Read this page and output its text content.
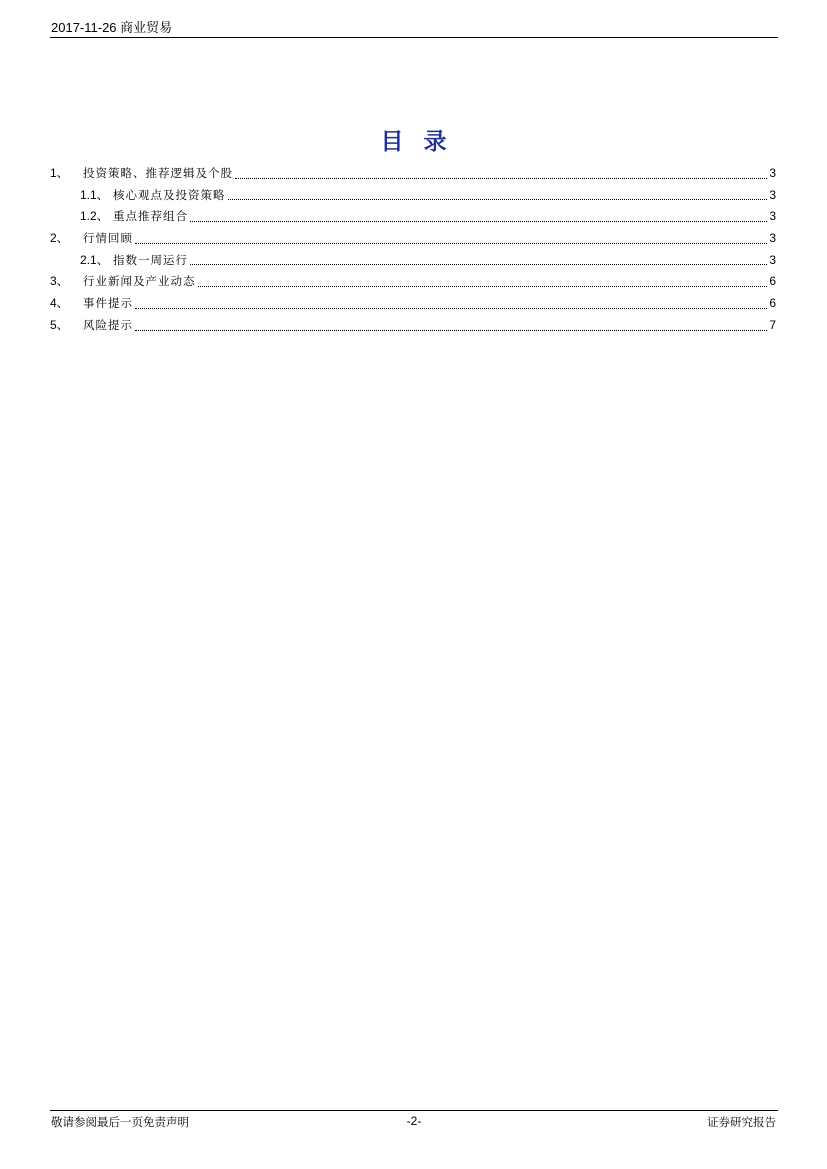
2017-11-26 商业贸易
目录
1、	投资策略、推荐逻辑及个股	3
1.1、 核心观点及投资策略	3
1.2、 重点推荐组合	3
2、	行情回顾	3
2.1、 指数一周运行	3
3、	行业新闻及产业动态	6
4、	事件提示	6
5、	风险提示	7
敬请参阅最后一页免责声明	-2-	证券研究报告
